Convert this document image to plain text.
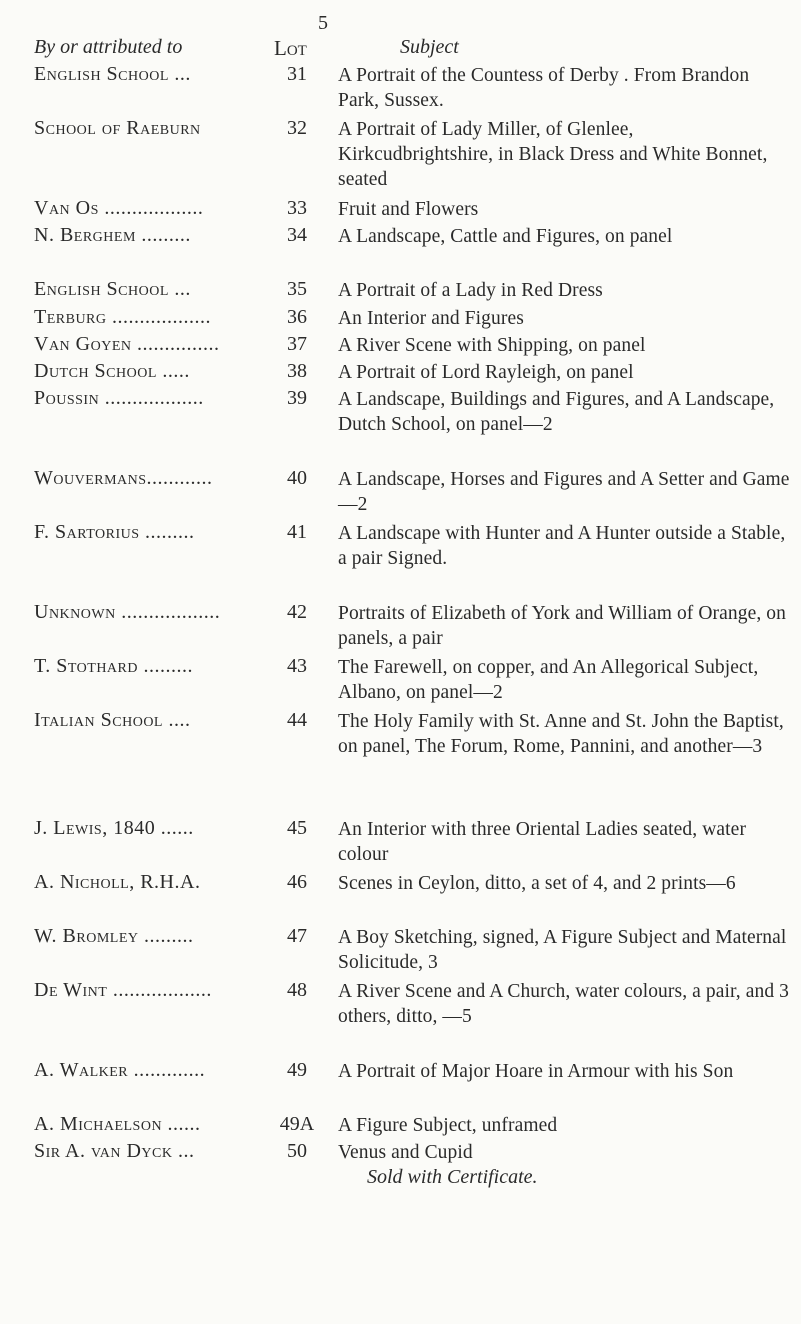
5
By or attributed to	Lot	Subject
English School ...	31	A Portrait of the Countess of Derby . From Brandon Park, Sussex.
School of Raeburn	32	A Portrait of Lady Miller, of Glenlee, Kirkcudbrightshire, in Black Dress and White Bonnet, seated
Van Os ..................	33	Fruit and Flowers
N. Berghem .........	34	A Landscape, Cattle and Figures, on panel
English School ...	35	A Portrait of a Lady in Red Dress
Terburg ..................	36	An Interior and Figures
Van Goyen ...............	37	A River Scene with Shipping, on panel
Dutch School .....	38	A Portrait of Lord Rayleigh, on panel
Poussin ..................	39	A Landscape, Buildings and Figures, and A Landscape, Dutch School, on panel—2
Wouvermans............	40	A Landscape, Horses and Figures and A Setter and Game—2
F. Sartorius .........	41	A Landscape with Hunter and A Hunter outside a Stable, a pair Signed.
Unknown ..................	42	Portraits of Elizabeth of York and William of Orange, on panels, a pair
T. Stothard .........	43	The Farewell, on copper, and An Allegorical Subject, Albano, on panel—2
Italian School ....	44	The Holy Family with St. Anne and St. John the Baptist, on panel, The Forum, Rome, Pannini, and another—3
J. Lewis, 1840 ......	45	An Interior with three Oriental Ladies seated, water colour
A. Nicholl, R.H.A.	46	Scenes in Ceylon, ditto, a set of 4, and 2 prints—6
W. Bromley .........	47	A Boy Sketching, signed, A Figure Subject and Maternal Solicitude, 3
De Wint ..................	48	A River Scene and A Church, water colours, a pair, and 3 others, ditto, —5
A. Walker .............	49	A Portrait of Major Hoare in Armour with his Son
A. Michaelson ......	49A	A Figure Subject, unframed
Sir A. van Dyck ...	50	Venus and Cupid
Sold with Certificate.
